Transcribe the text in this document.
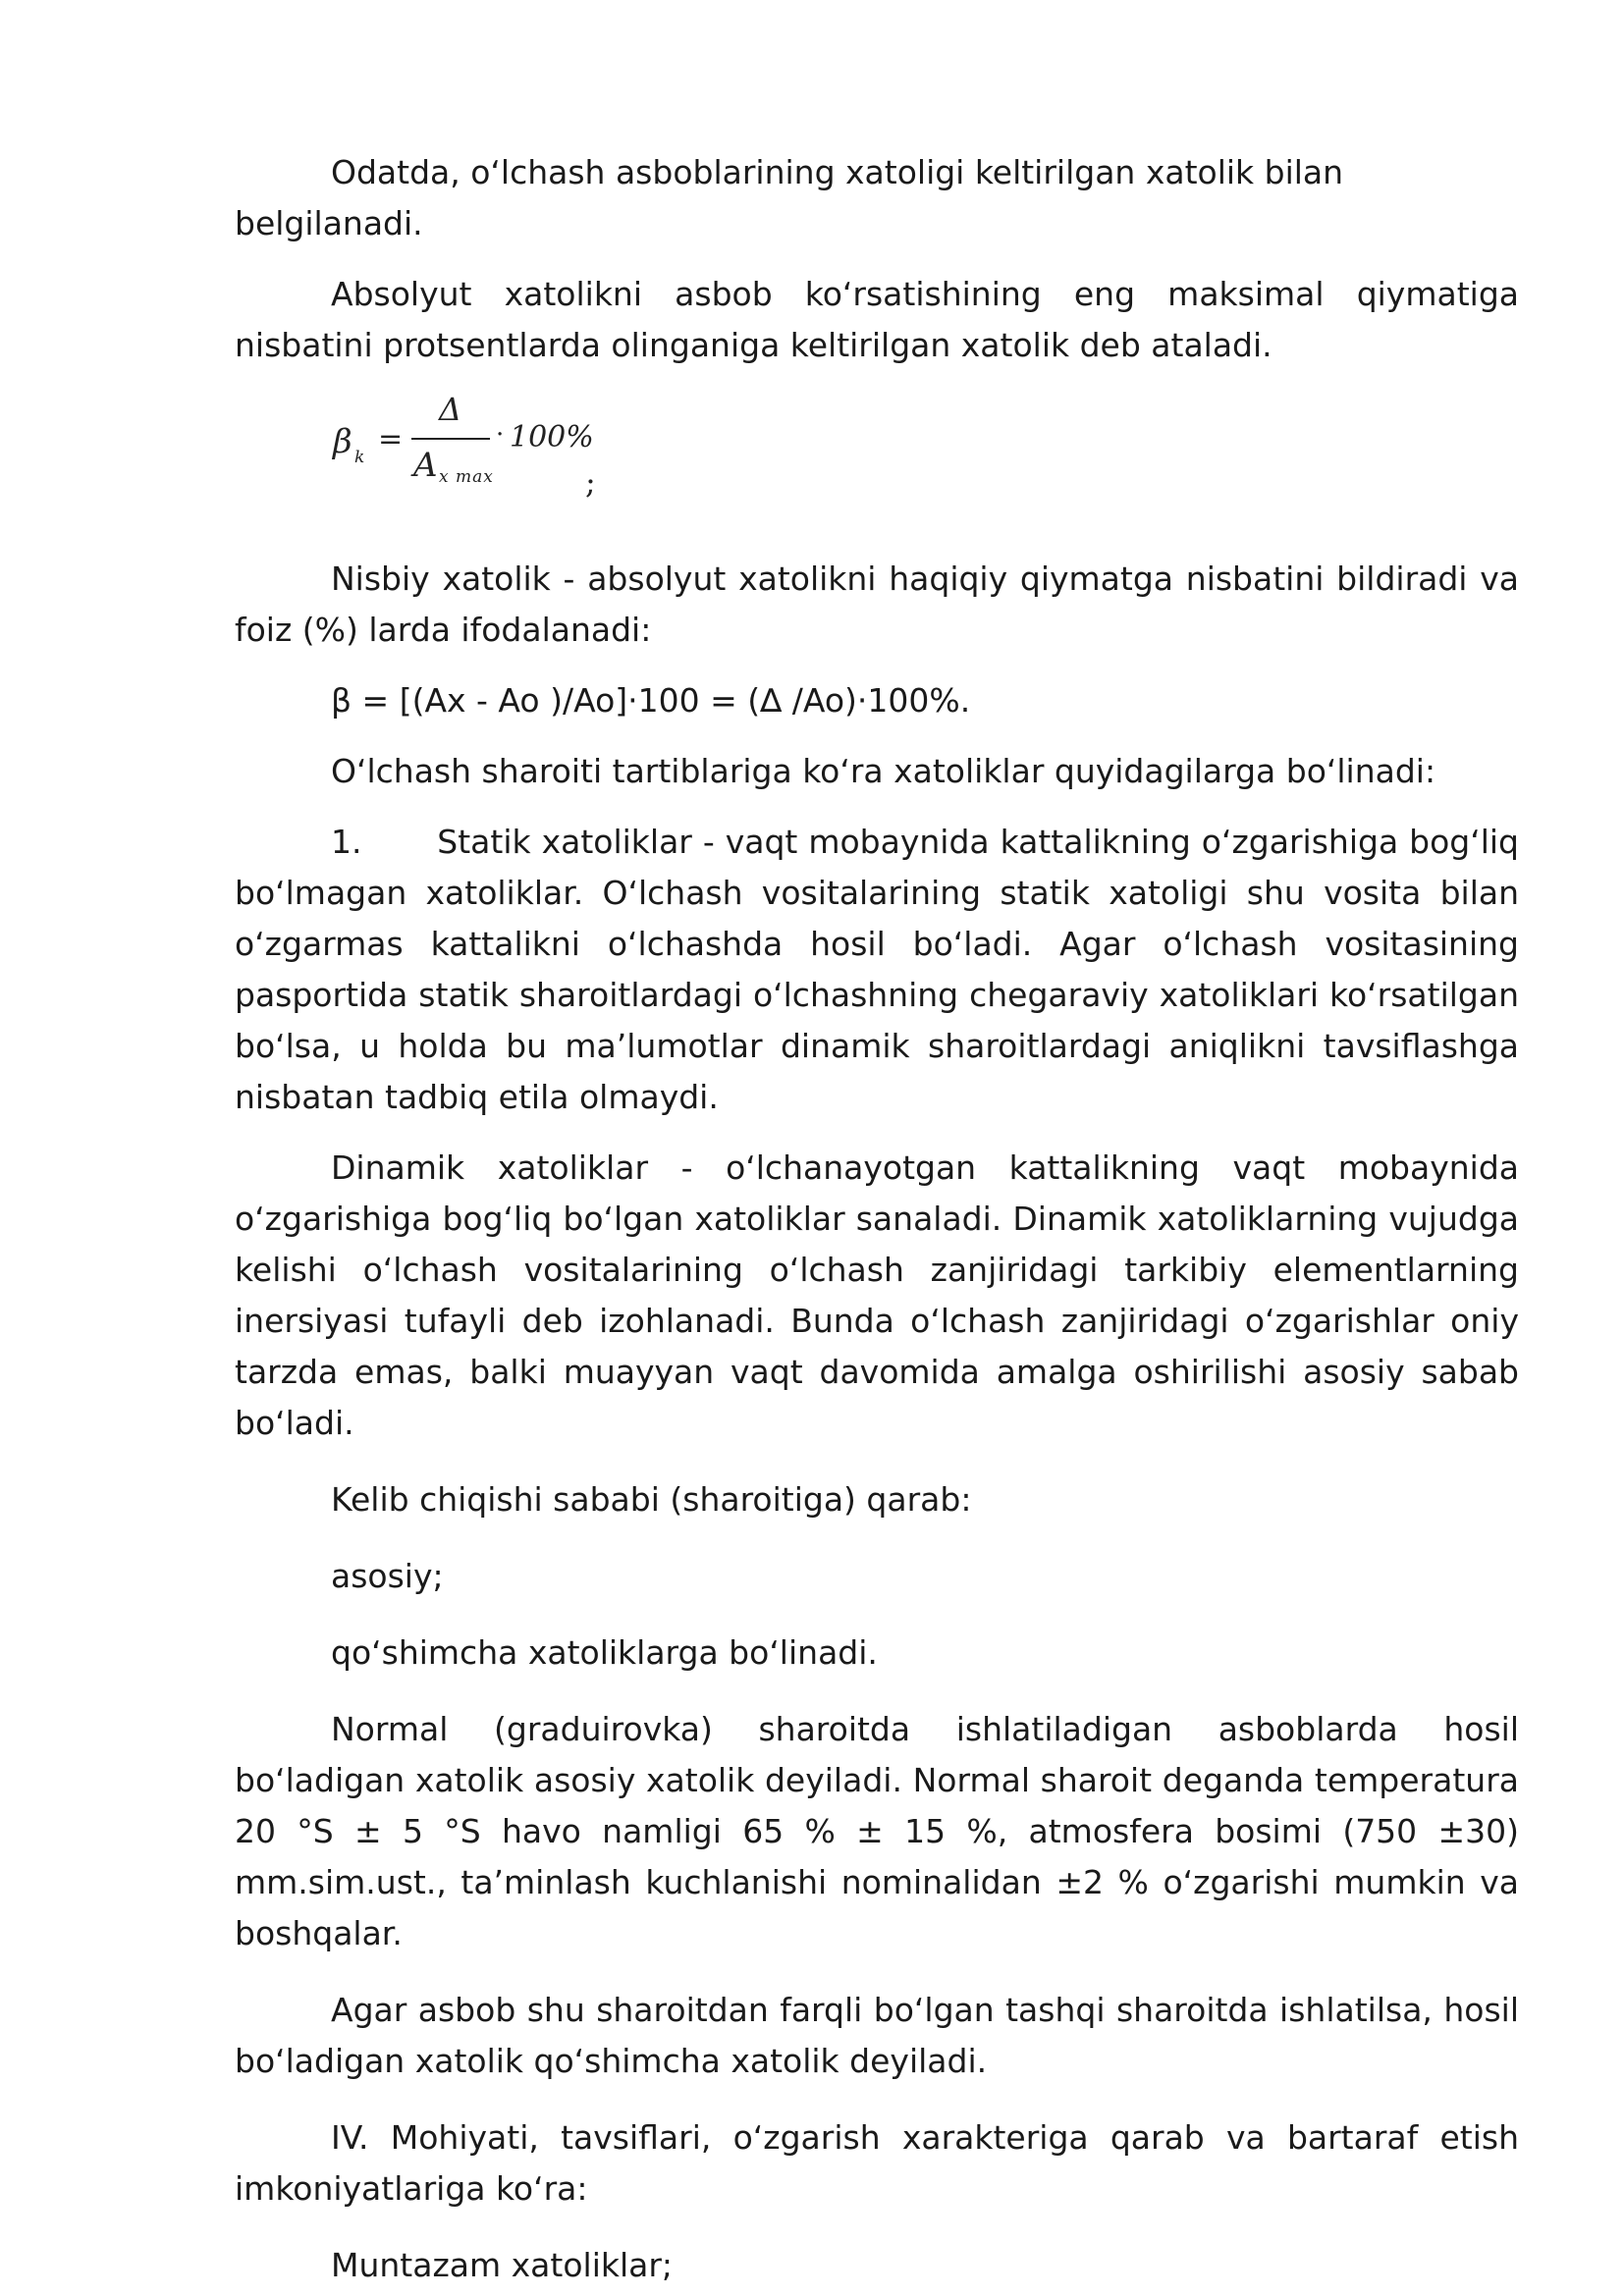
Odatda, oʻlchash asboblarining xatoligi keltirilgan xatolik bilan belgilanadi.

Absolyut xatolikni asbob koʻrsatishining eng maksimal qiymatiga nisbatini protsentlarda olinganiga keltirilgan xatolik deb ataladi.

β k
=
Δ
· 100%
A x max	;

Nisbiy xatolik - absolyut xatolikni haqiqiy qiymatga nisbatini bildiradi va foiz (%) larda ifodalanadi:

β = [(Ax - Ao )/Ao]·100 = (∆ /Ao)·100%.

Oʻlchash sharoiti tartiblariga koʻra xatoliklar quyidagilarga boʻlinadi:

1.       Statik xatoliklar - vaqt mobaynida kattalikning oʻzgarishiga bogʻliq boʻlmagan xatoliklar. Oʻlchash vositalarining statik xatoligi shu vosita bilan oʻzgarmas kattalikni oʻlchashda hosil boʻladi. Agar oʻlchash vositasining pasportida statik sharoitlardagi oʻlchashning chegaraviy xatoliklari koʻrsatilgan boʻlsa, u holda bu maʼlumotlar dinamik sharoitlardagi aniqlikni tavsiflashga nisbatan tadbiq etila olmaydi.

Dinamik xatoliklar - oʻlchanayotgan kattalikning vaqt mobaynida oʻzgarishiga bogʻliq boʻlgan xatoliklar sanaladi. Dinamik xatoliklarning vujudga kelishi oʻlchash vositalarining oʻlchash zanjiridagi tarkibiy elementlarning inersiyasi tufayli deb izohlanadi. Bunda oʻlchash zanjiridagi oʻzgarishlar oniy tarzda emas, balki muayyan vaqt davomida amalga oshirilishi asosiy sabab boʻladi.

Kelib chiqishi sababi (sharoitiga) qarab:

asosiy;

qoʻshimcha xatoliklarga boʻlinadi.

Normal (graduirovka) sharoitda ishlatiladigan asboblarda hosil boʻladigan xatolik asosiy xatolik deyiladi. Normal sharoit deganda temperatura 20 °S ± 5 °S havo namligi 65 % ± 15 %, atmosfera bosimi (750 ±30) mm.sim.ust., taʼminlash kuchlanishi nominalidan ±2 % oʻzgarishi mumkin va boshqalar.

Agar asbob shu sharoitdan farqli boʻlgan tashqi sharoitda ishlatilsa, hosil boʻladigan xatolik qoʻshimcha xatolik deyiladi.

IV. Mohiyati, tavsiflari, oʻzgarish xarakteriga qarab va bartaraf etish imkoniyatlariga koʻra:

Muntazam xatoliklar;
